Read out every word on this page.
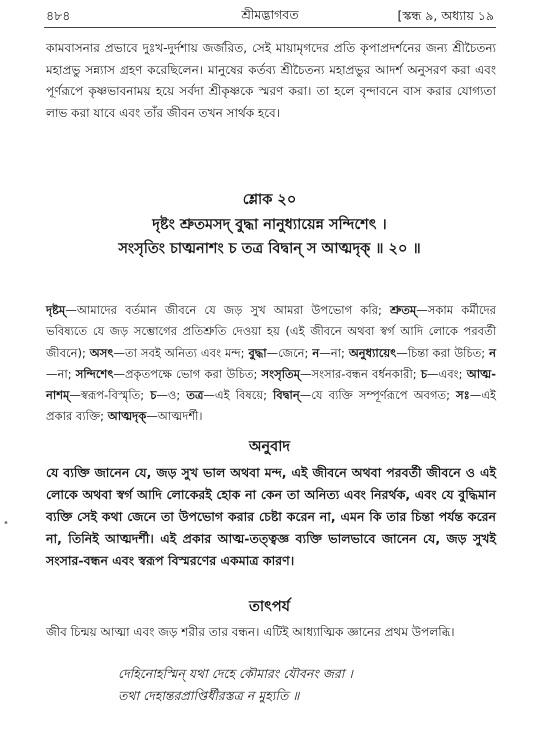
৪৮৪	শ্রীমদ্ভাগবত	[স্কন্ধ ৯, অধ্যায় ১৯
কামবাসনার প্রভাবে দুঃখ-দুর্দশায় জর্জরিত, সেই মায়ামৃগদের প্রতি কৃপাপ্রদর্শনের জন্য শ্রীচৈতন্য মহাপ্রভু সন্ন্যাস গ্রহণ করেছিলেন। মানুষের কর্তব্য শ্রীচৈতন্য মহাপ্রভুর আদর্শ অনুসরণ করা এবং পূর্ণরূপে কৃষ্ণভাবনাময় হয়ে সর্বদা শ্রীকৃষ্ণকে স্মরণ করা। তা হলে বৃন্দাবনে বাস করার যোগ্যতা লাভ করা যাবে এবং তাঁর জীবন তখন সার্থক হবে।
শ্লোক ২০
দৃষ্টং শ্রুতমসদ্ বুদ্ধা নানুধ্যায়েন্ন সন্দিশেৎ ।
সংসৃতিং চাত্মনাশং চ তত্র বিদ্বান্ স আত্মদৃক্ ॥ ২০ ॥
দৃষ্টম্—আমাদের বর্তমান জীবনে যে জড় সুখ আমরা উপভোগ করি; শ্রুতম্—সকাম কর্মীদের ভবিষ্যতে যে জড় সম্ভোগের প্রতিশ্রুতি দেওয়া হয় (এই জীবনে অথবা স্বর্গ আদি লোকে পরবর্তী জীবনে); অসৎ—তা সবই অনিত্য এবং মন্দ; বুদ্ধা—জেনে; ন—না; অনুধ্যায়েৎ—চিন্তা করা উচিত; ন—না; সন্দিশেৎ—প্রকৃতপক্ষে ভোগ করা উচিত; সংসৃতিম্—সংসার-বন্ধন বর্ধনকারী; চ—এবং; আত্ম-নাশম্—স্বরূপ-বিস্মৃতি; চ—ও; তত্র—এই বিষয়ে; বিদ্বান্—যে ব্যক্তি সম্পূর্ণরূপে অবগত; সঃ—এই প্রকার ব্যক্তি; আত্মদৃক্—আত্মদর্শী।
অনুবাদ
যে ব্যক্তি জানেন যে, জড় সুখ ভাল অথবা মন্দ, এই জীবনে অথবা পরবর্তী জীবনে ও এই লোকে অথবা স্বর্গ আদি লোকেরই হোক না কেন তা অনিত্য এবং নিরর্থক, এবং যে বুদ্ধিমান ব্যক্তি সেই কথা জেনে তা উপভোগ করার চেষ্টা করেন না, এমন কি তার চিন্তা পর্যন্ত করেন না, তিনিই আত্মদর্শী। এই প্রকার আত্ম-তত্ত্বজ্ঞ ব্যক্তি ভালভাবে জানেন যে, জড় সুখই সংসার-বন্ধন এবং স্বরূপ বিস্মরণের একমাত্র কারণ।
•
তাৎপর্য
জীব চিন্ময় আত্মা এবং জড় শরীর তার বন্ধন। এটিই আধ্যাত্মিক জ্ঞানের প্রথম উপলব্ধি।
দেহিনোহস্মিন্ যথা দেহে কৌমারং যৌবনং জরা ।
তথা দেহান্তরপ্রাপ্তির্ধীরস্তত্র ন মুহ্যতি ॥
